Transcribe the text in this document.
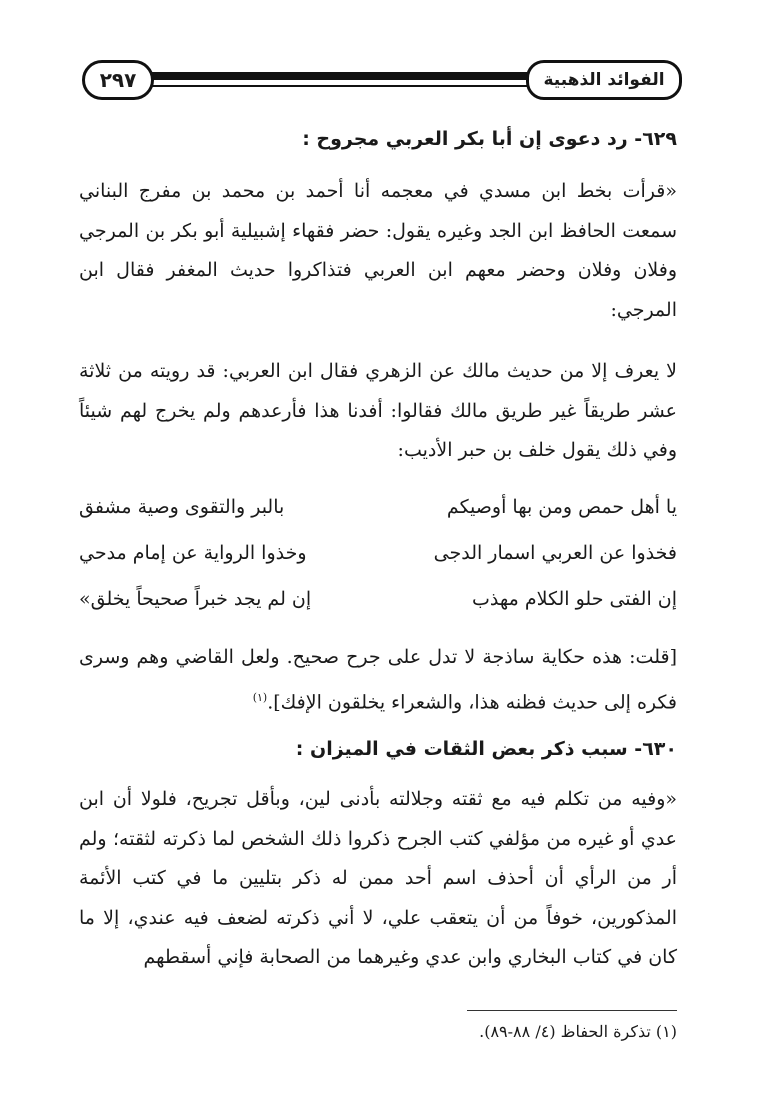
الفوائد الذهبية
٢٩٧
٦٢٩- رد دعوى إن أبا بكر العربي مجروح :

«قرأت بخط ابن مسدي في معجمه أنا أحمد بن محمد بن مفرج البناني سمعت الحافظ ابن الجد وغيره يقول: حضر فقهاء إشبيلية أبو بكر بن المرجي وفلان وفلان وحضر معهم ابن العربي فتذاكروا حديث المغفر فقال ابن المرجي:

لا يعرف إلا من حديث مالك عن الزهري فقال ابن العربي: قد رويته من ثلاثة عشر طريقاً غير طريق مالك فقالوا: أفدنا هذا فأرعدهم ولم يخرج لهم شيئاً وفي ذلك يقول خلف بن حبر الأديب:

يا أهل حمص ومن بها أوصيكم
بالبر والتقوى وصية مشفق
فخذوا عن العربي اسمار الدجى
وخذوا الرواية عن إمام مدحي
إن الفتى حلو الكلام مهذب
إن لم يجد خبراً صحيحاً يخلق»

[قلت: هذه حكاية ساذجة لا تدل على جرح صحيح. ولعل القاضي وهم وسرى فكره إلى حديث فظنه هذا، والشعراء يخلقون الإفك].$^{(١)}$

٦٣٠- سبب ذكر بعض الثقات في الميزان :

«وفيه من تكلم فيه مع ثقته وجلالته بأدنى لين، وبأقل تجريح، فلولا أن ابن عدي أو غيره من مؤلفي كتب الجرح ذكروا ذلك الشخص لما ذكرته لثقته؛ ولم أر من الرأي أن أحذف اسم أحد ممن له ذكر بتليين ما في كتب الأئمة المذكورين، خوفاً من أن يتعقب علي، لا أني ذكرته لضعف فيه عندي، إلا ما كان في كتاب البخاري وابن عدي وغيرهما من الصحابة فإني أسقطهم

(١) تذكرة الحفاظ (٤/ ٨٨-٨٩).
